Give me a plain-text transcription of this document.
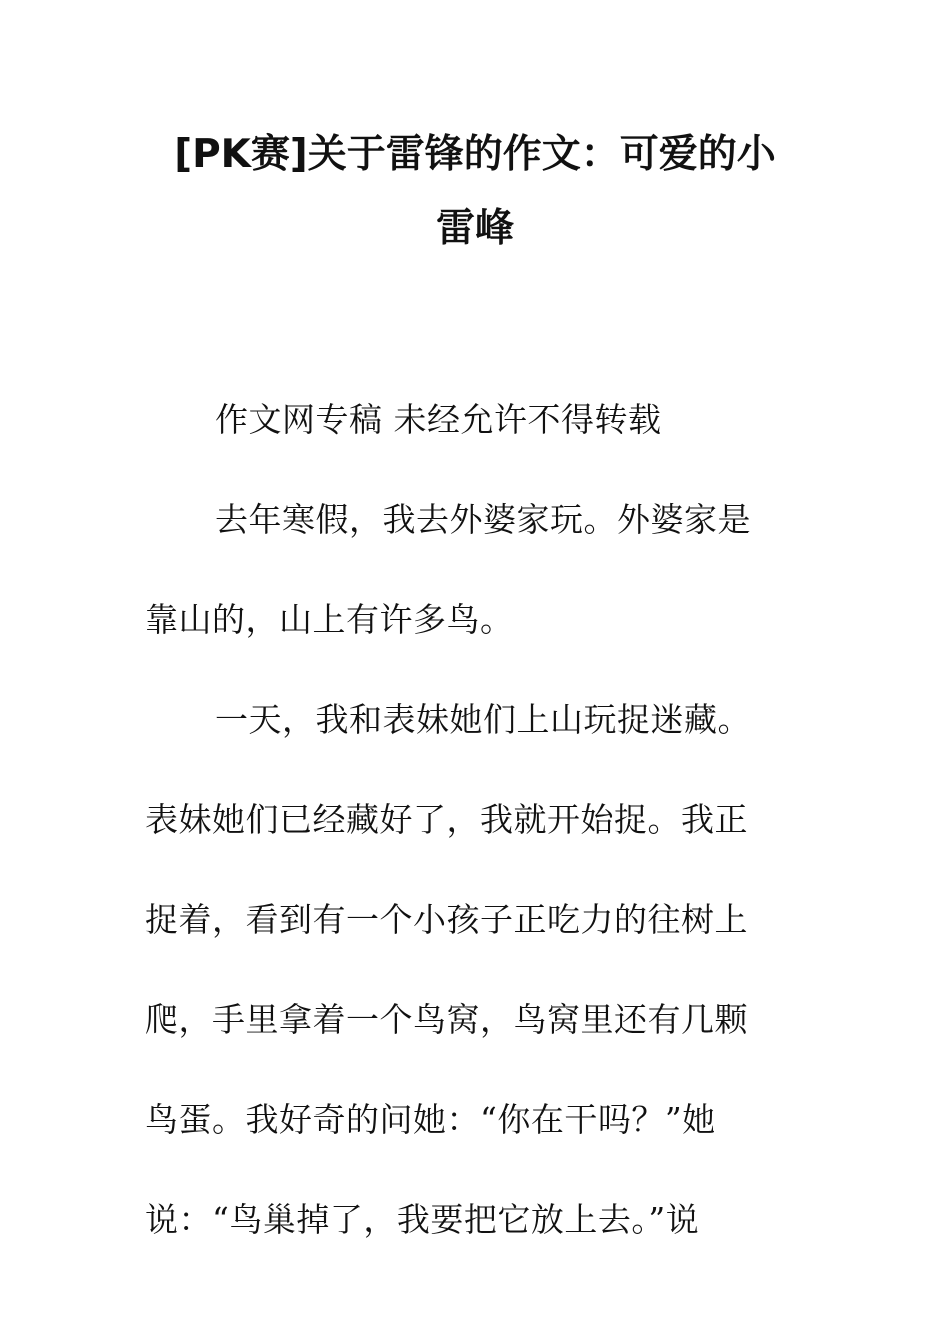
[PK赛]关于雷锋的作文：可爱的小
雷峰
作文网专稿 未经允许不得转载
去年寒假，我去外婆家玩。外婆家是
靠山的，山上有许多鸟。
一天，我和表妹她们上山玩捉迷藏。
表妹她们已经藏好了，我就开始捉。我正
捉着，看到有一个小孩子正吃力的往树上
爬，手里拿着一个鸟窝，鸟窝里还有几颗
鸟蛋。我好奇的问她：“你在干吗？”她
说：“鸟巢掉了，我要把它放上去。”说
